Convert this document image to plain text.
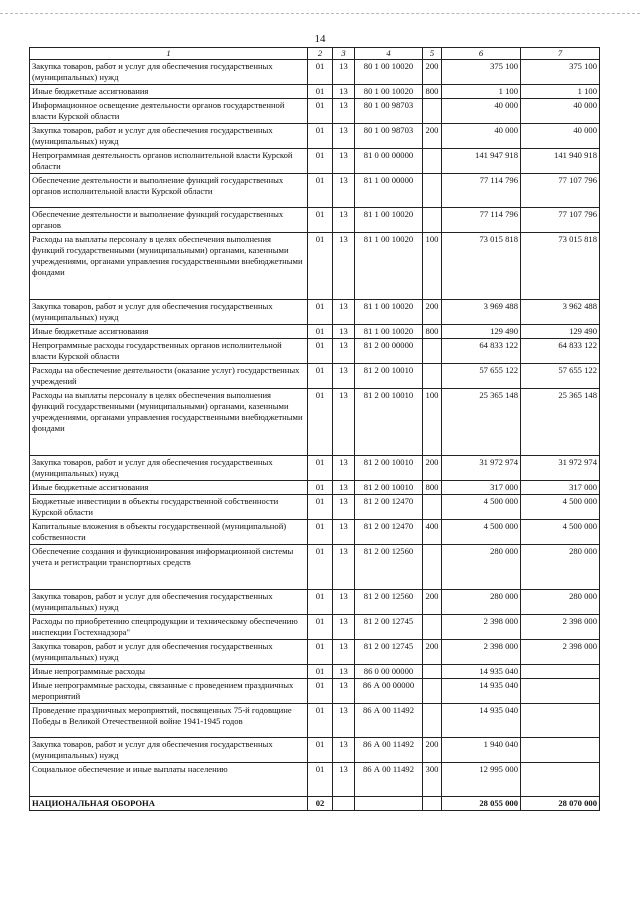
14
1	2	3	4	5	6	7
Закупка товаров, работ и услуг для обеспечения государственных (муниципальных) нужд	01	13	80 1 00 10020	200	375 100	375 100
Иные бюджетные ассигнования	01	13	80 1 00 10020	800	1 100	1 100
Информационное освещение деятельности органов государственной власти Курской области	01	13	80 1 00 98703		40 000	40 000
Закупка товаров, работ и услуг для обеспечения государственных (муниципальных) нужд	01	13	80 1 00 98703	200	40 000	40 000
Непрограммная деятельность органов исполнительной власти Курской области	01	13	81 0 00 00000		141 947 918	141 940 918
Обеспечение деятельности и выполнение функций государственных органов исполнительной власти Курской области	01	13	81 1 00 00000		77 114 796	77 107 796
Обеспечение деятельности и выполнение функций государственных органов	01	13	81 1 00 10020		77 114 796	77 107 796
Расходы на выплаты персоналу в целях обеспечения выполнения функций государственными (муниципальными) органами, казенными учреждениями, органами управления государственными внебюджетными фондами	01	13	81 1 00 10020	100	73 015 818	73 015 818
Закупка товаров, работ и услуг для обеспечения государственных (муниципальных) нужд	01	13	81 1 00 10020	200	3 969 488	3 962 488
Иные бюджетные ассигнования	01	13	81 1 00 10020	800	129 490	129 490
Непрограммные расходы государственных органов исполнительной власти Курской области	01	13	81 2 00 00000		64 833 122	64 833 122
Расходы на обеспечение деятельности (оказание услуг) государственных учреждений	01	13	81 2 00 10010		57 655 122	57 655 122
Расходы на выплаты персоналу в целях обеспечения выполнения функций государственными (муниципальными) органами, казенными учреждениями, органами управления государственными внебюджетными фондами	01	13	81 2 00 10010	100	25 365 148	25 365 148
Закупка товаров, работ и услуг для обеспечения государственных (муниципальных) нужд	01	13	81 2 00 10010	200	31 972 974	31 972 974
Иные бюджетные ассигнования	01	13	81 2 00 10010	800	317 000	317 000
Бюджетные инвестиции в объекты государственной собственности Курской области	01	13	81 2 00 12470		4 500 000	4 500 000
Капитальные вложения в объекты государственной (муниципальной) собственности	01	13	81 2 00 12470	400	4 500 000	4 500 000
Обеспечение создания и функционирования информационной системы учета и регистрации транспортных средств	01	13	81 2 00 12560		280 000	280 000
Закупка товаров, работ и услуг для обеспечения государственных (муниципальных) нужд	01	13	81 2 00 12560	200	280 000	280 000
Расходы по приобретению спецпродукции и техническому обеспечению инспекции Гостехнадзора"	01	13	81 2 00 12745		2 398 000	2 398 000
Закупка товаров, работ и услуг для обеспечения государственных (муниципальных) нужд	01	13	81 2 00 12745	200	2 398 000	2 398 000
Иные непрограммные расходы	01	13	86 0 00 00000		14 935 040	
Иные непрограммные расходы, связанные с проведением праздничных мероприятий	01	13	86 А 00 00000		14 935 040	
Проведение праздничных мероприятий, посвященных 75-й годовщине Победы в Великой Отечественной войне 1941-1945 годов	01	13	86 А 00 11492		14 935 040	
Закупка товаров, работ и услуг для обеспечения государственных (муниципальных) нужд	01	13	86 А 00 11492	200	1 940 040	
Социальное обеспечение и иные выплаты населению	01	13	86 А 00 11492	300	12 995 000	
НАЦИОНАЛЬНАЯ ОБОРОНА	02				28 055 000	28 070 000
